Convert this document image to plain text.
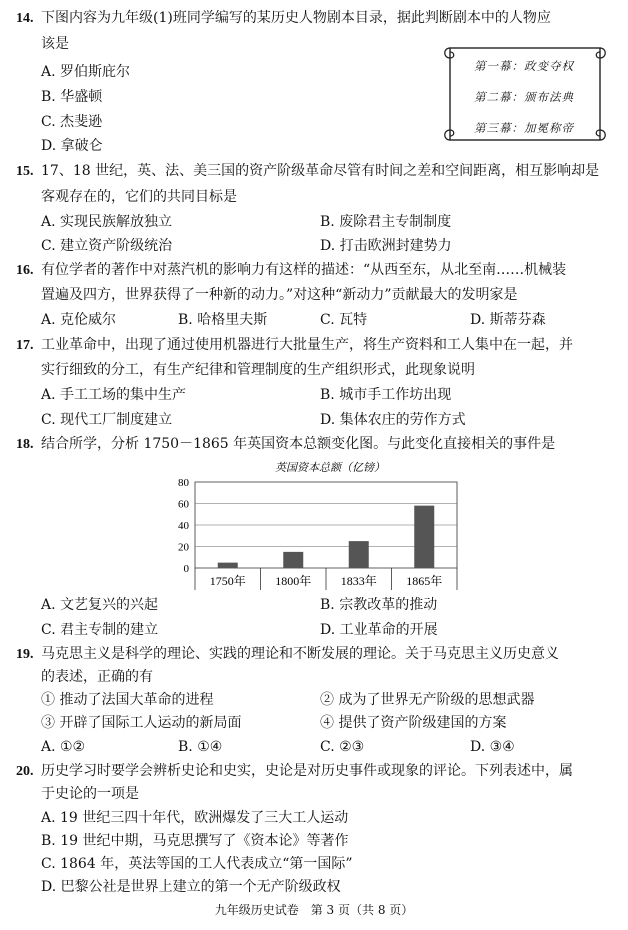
14. 下图内容为九年级(1)班同学编写的某历史人物剧本目录，据此判断剧本中的人物应
该是
A. 罗伯斯庇尔
B. 华盛顿
C. 杰斐逊
D. 拿破仑
第一幕：政变夺权
第二幕：颁布法典
第三幕：加冕称帝
15. 17、18 世纪，英、法、美三国的资产阶级革命尽管有时间之差和空间距离，相互影响却是
客观存在的，它们的共同目标是
A. 实现民族解放独立	B. 废除君主专制制度
C. 建立资产阶级统治	D. 打击欧洲封建势力
16. 有位学者的著作中对蒸汽机的影响力有这样的描述：“从西至东，从北至南……机械装
置遍及四方，世界获得了一种新的动力。”对这种“新动力”贡献最大的发明家是
A. 克伦威尔	B. 哈格里夫斯	C. 瓦特	D. 斯蒂芬森
17. 工业革命中，出现了通过使用机器进行大批量生产，将生产资料和工人集中在一起，并
实行细致的分工，有生产纪律和管理制度的生产组织形式，此现象说明
A. 手工工场的集中生产	B. 城市手工作坊出现
C. 现代工厂制度建立	D. 集体农庄的劳作方式
18. 结合所学，分析 1750－1865 年英国资本总额变化图。与此变化直接相关的事件是
英国资本总额（亿镑）
0
20
40
60
80
1750年 1800年 1833年 1865年
A. 文艺复兴的兴起	B. 宗教改革的推动
C. 君主专制的建立	D. 工业革命的开展
19. 马克思主义是科学的理论、实践的理论和不断发展的理论。关于马克思主义历史意义
的表述，正确的有
① 推动了法国大革命的进程	② 成为了世界无产阶级的思想武器
③ 开辟了国际工人运动的新局面	④ 提供了资产阶级建国的方案
A. ①②	B. ①④	C. ②③	D. ③④
20. 历史学习时要学会辨析史论和史实，史论是对历史事件或现象的评论。下列表述中，属
于史论的一项是
A. 19 世纪三四十年代，欧洲爆发了三大工人运动
B. 19 世纪中期，马克思撰写了《资本论》等著作
C. 1864 年，英法等国的工人代表成立“第一国际”
D. 巴黎公社是世界上建立的第一个无产阶级政权
九年级历史试卷　第 3 页（共 8 页）
